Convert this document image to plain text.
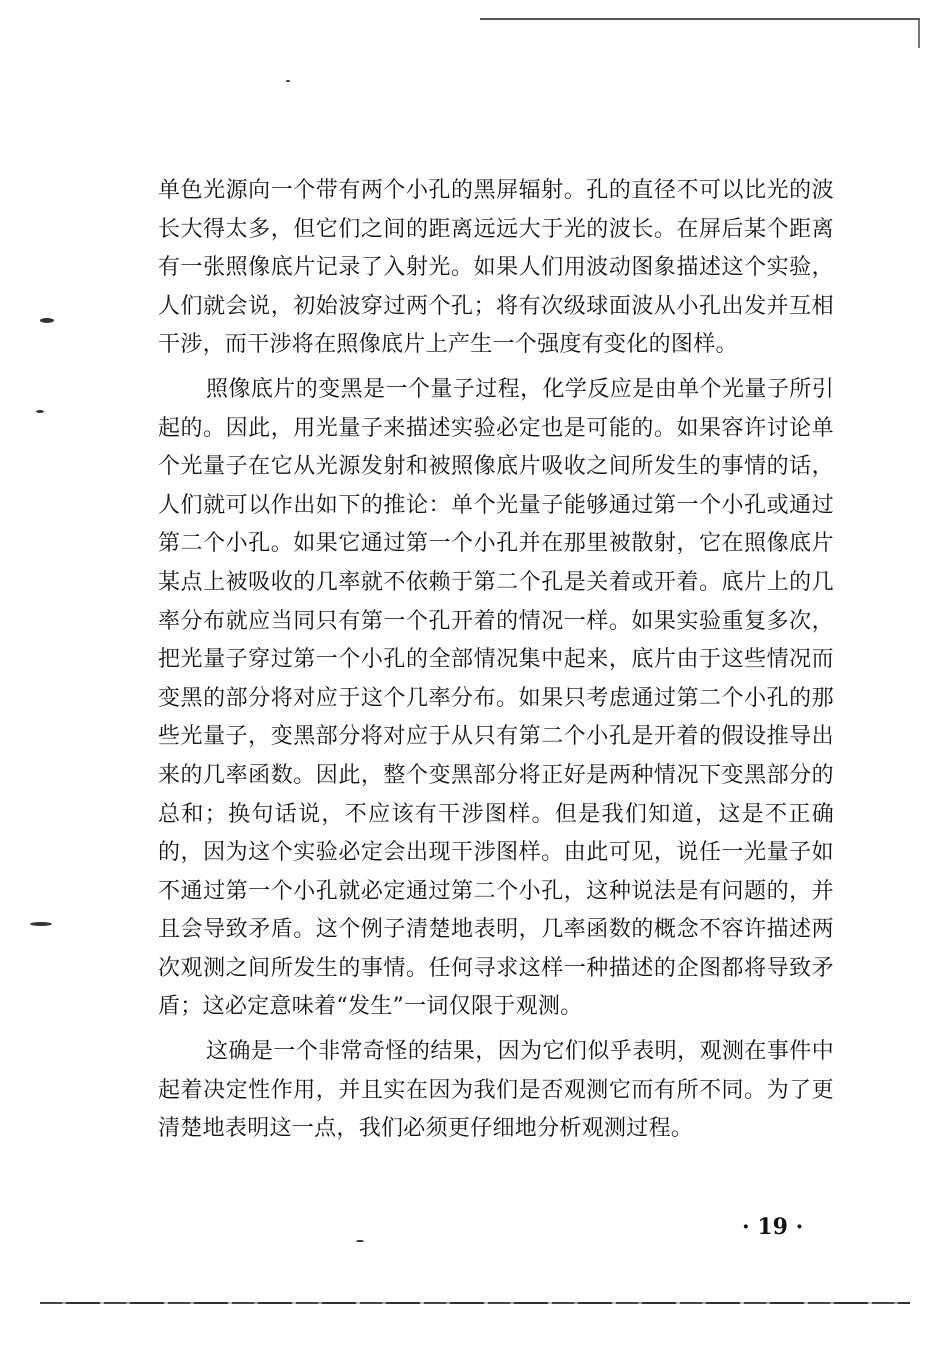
单色光源向一个带有两个小孔的黑屏辐射。孔的直径不可以比光的波长大得太多，但它们之间的距离远远大于光的波长。在屏后某个距离有一张照像底片记录了入射光。如果人们用波动图象描述这个实验，人们就会说，初始波穿过两个孔；将有次级球面波从小孔出发并互相干涉，而干涉将在照像底片上产生一个强度有变化的图样。

照像底片的变黑是一个量子过程，化学反应是由单个光量子所引起的。因此，用光量子来描述实验必定也是可能的。如果容许讨论单个光量子在它从光源发射和被照像底片吸收之间所发生的事情的话，人们就可以作出如下的推论：单个光量子能够通过第一个小孔或通过第二个小孔。如果它通过第一个小孔并在那里被散射，它在照像底片某点上被吸收的几率就不依赖于第二个孔是关着或开着。底片上的几率分布就应当同只有第一个孔开着的情况一样。如果实验重复多次，把光量子穿过第一个小孔的全部情况集中起来，底片由于这些情况而变黑的部分将对应于这个几率分布。如果只考虑通过第二个小孔的那些光量子，变黑部分将对应于从只有第二个小孔是开着的假设推导出来的几率函数。因此，整个变黑部分将正好是两种情况下变黑部分的总和；换句话说，不应该有干涉图样。但是我们知道，这是不正确的，因为这个实验必定会出现干涉图样。由此可见，说任一光量子如不通过第一个小孔就必定通过第二个小孔，这种说法是有问题的，并且会导致矛盾。这个例子清楚地表明，几率函数的概念不容许描述两次观测之间所发生的事情。任何寻求这样一种描述的企图都将导致矛盾；这必定意味着“发生”一词仅限于观测。

这确是一个非常奇怪的结果，因为它们似乎表明，观测在事件中起着决定性作用，并且实在因为我们是否观测它而有所不同。为了更清楚地表明这一点，我们必须更仔细地分析观测过程。

· 19 ·
